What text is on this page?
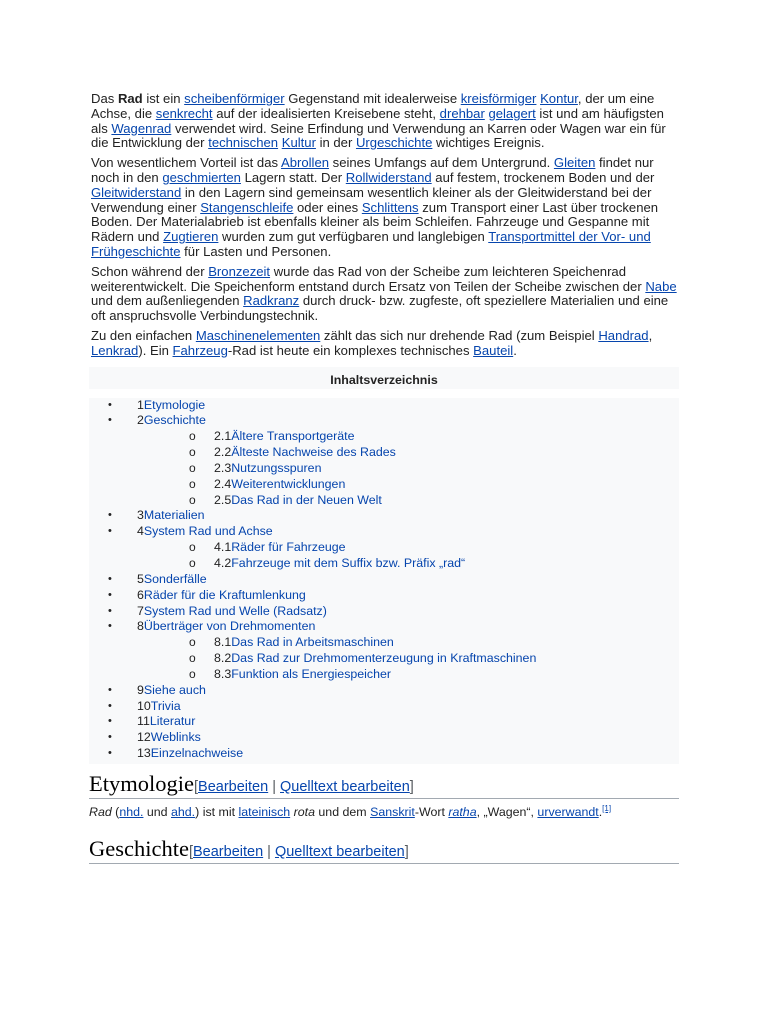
Das Rad ist ein scheibenförmiger Gegenstand mit idealerweise kreisförmiger Kontur, der um eine Achse, die senkrecht auf der idealisierten Kreisebene steht, drehbar gelagert ist und am häufigsten als Wagenrad verwendet wird. Seine Erfindung und Verwendung an Karren oder Wagen war ein für die Entwicklung der technischen Kultur in der Urgeschichte wichtiges Ereignis.

Von wesentlichem Vorteil ist das Abrollen seines Umfangs auf dem Untergrund. Gleiten findet nur noch in den geschmierten Lagern statt. Der Rollwiderstand auf festem, trockenem Boden und der Gleitwiderstand in den Lagern sind gemeinsam wesentlich kleiner als der Gleitwiderstand bei der Verwendung einer Stangenschleife oder eines Schlittens zum Transport einer Last über trockenen Boden. Der Materialabrieb ist ebenfalls kleiner als beim Schleifen. Fahrzeuge und Gespanne mit Rädern und Zugtieren wurden zum gut verfügbaren und langlebigen Transportmittel der Vor- und Frühgeschichte für Lasten und Personen.

Schon während der Bronzezeit wurde das Rad von der Scheibe zum leichteren Speichenrad weiterentwickelt. Die Speichenform entstand durch Ersatz von Teilen der Scheibe zwischen der Nabe und dem außenliegenden Radkranz durch druck- bzw. zugfeste, oft speziellere Materialien und eine oft anspruchsvolle Verbindungstechnik.

Zu den einfachen Maschinenelementen zählt das sich nur drehende Rad (zum Beispiel Handrad, Lenkrad). Ein Fahrzeug-Rad ist heute ein komplexes technisches Bauteil.

Inhaltsverzeichnis
• 1Etymologie
• 2Geschichte
o 2.1Ältere Transportgeräte
o 2.2Älteste Nachweise des Rades
o 2.3Nutzungsspuren
o 2.4Weiterentwicklungen
o 2.5Das Rad in der Neuen Welt
• 3Materialien
• 4System Rad und Achse
o 4.1Räder für Fahrzeuge
o 4.2Fahrzeuge mit dem Suffix bzw. Präfix „rad“
• 5Sonderfälle
• 6Räder für die Kraftumlenkung
• 7System Rad und Welle (Radsatz)
• 8Überträger von Drehmomenten
o 8.1Das Rad in Arbeitsmaschinen
o 8.2Das Rad zur Drehmomenterzeugung in Kraftmaschinen
o 8.3Funktion als Energiespeicher
• 9Siehe auch
• 10Trivia
• 11Literatur
• 12Weblinks
• 13Einzelnachweise
Etymologie[Bearbeiten | Quelltext bearbeiten]

Rad (nhd. und ahd.) ist mit lateinisch rota und dem Sanskrit-Wort ratha, „Wagen“, urverwandt.[1]

Geschichte[Bearbeiten | Quelltext bearbeiten]
